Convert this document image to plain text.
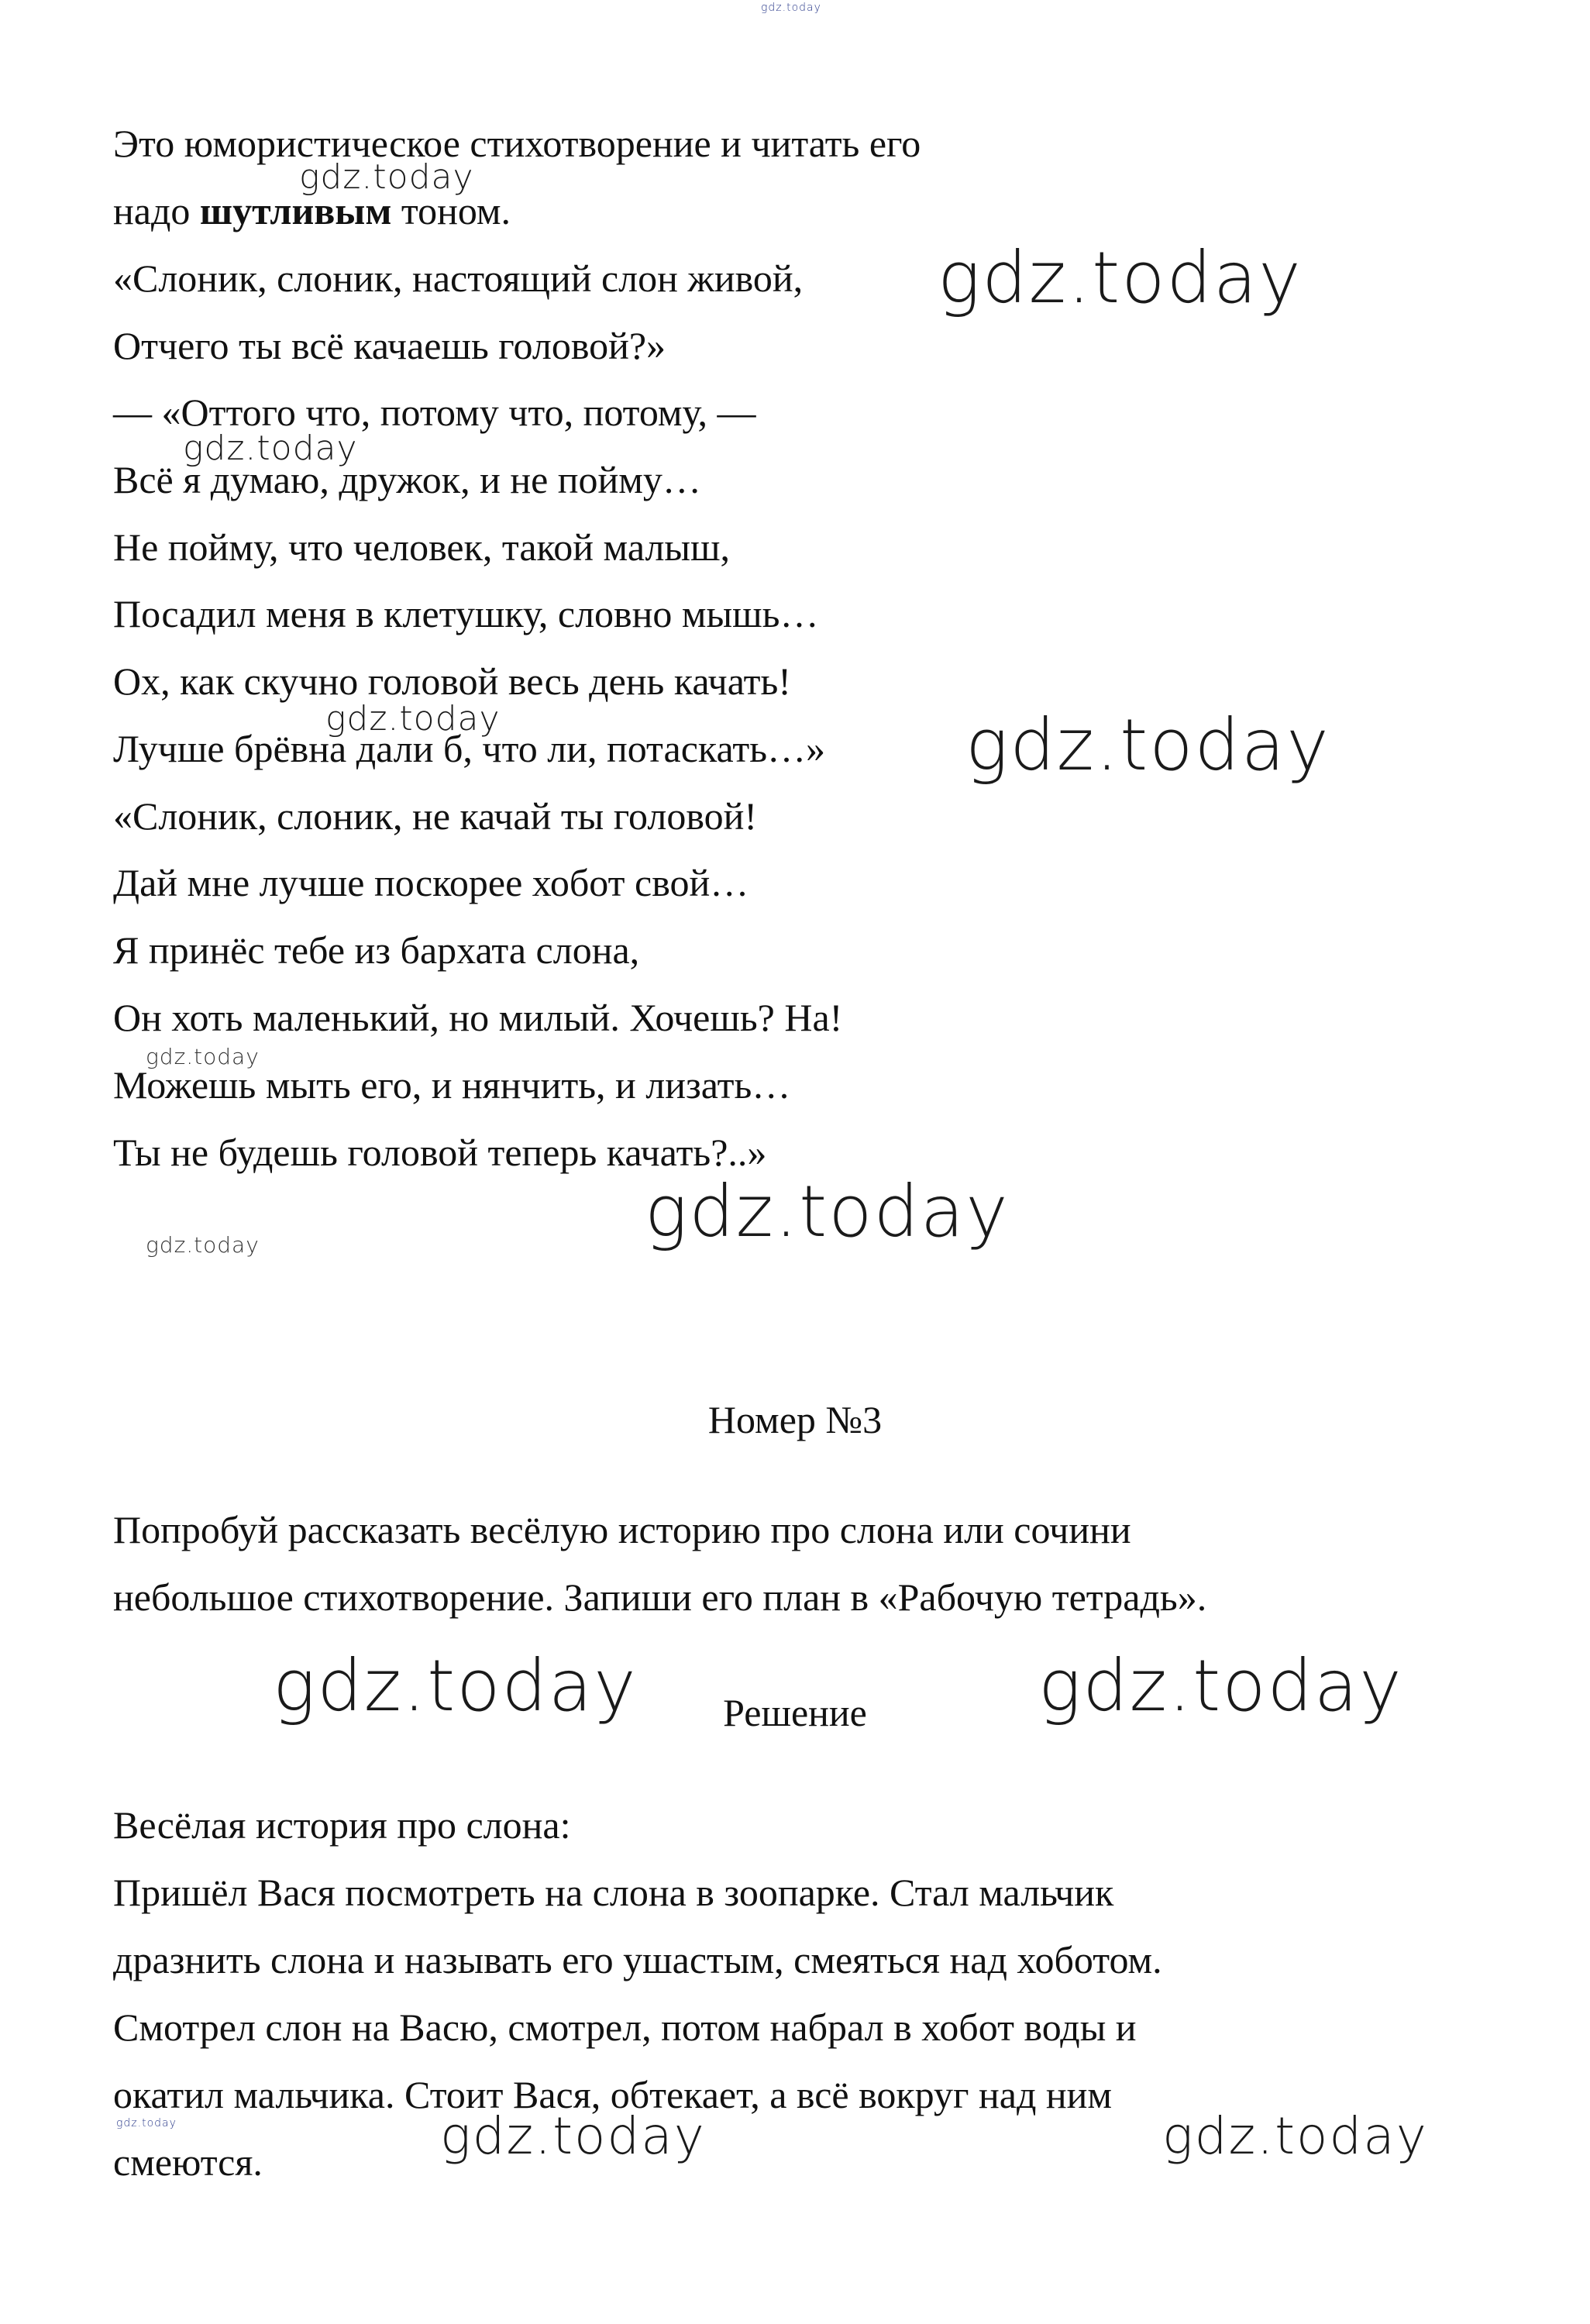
Это юмористическое стихотворение и читать его
надо шутливым тоном.
«Слоник, слоник, настоящий слон живой,
Отчего ты всё качаешь головой?»
— «Оттого что, потому что, потому, —
Всё я думаю, дружок, и не пойму…
Не пойму, что человек, такой малыш,
Посадил меня в клетушку, словно мышь…
Ох, как скучно головой весь день качать!
Лучше брёвна дали б, что ли, потаскать…»
«Слоник, слоник, не качай ты головой!
Дай мне лучше поскорее хобот свой…
Я принёс тебе из бархата слона,
Он хоть маленький, но милый. Хочешь? На!
Можешь мыть его, и нянчить, и лизать…
Ты не будешь головой теперь качать?..»
Номер №3
Попробуй рассказать весёлую историю про слона или сочини
небольшое стихотворение. Запиши его план в «Рабочую тетрадь».
Решение
Весёлая история про слона:
Пришёл Вася посмотреть на слона в зоопарке. Стал мальчик
дразнить слона и называть его ушастым, смеяться над хоботом.
Смотрел слон на Васю, смотрел, потом набрал в хобот воды и
окатил мальчика. Стоит Вася, обтекает, а всё вокруг над ним
смеются.
gdz.today
gdz.today
gdz.today
gdz.today
gdz.today	gdz.today
gdz.today
gdz.today
gdz.today
gdz.today	gdz.today
gdz.today	gdz.today	gdz.today
